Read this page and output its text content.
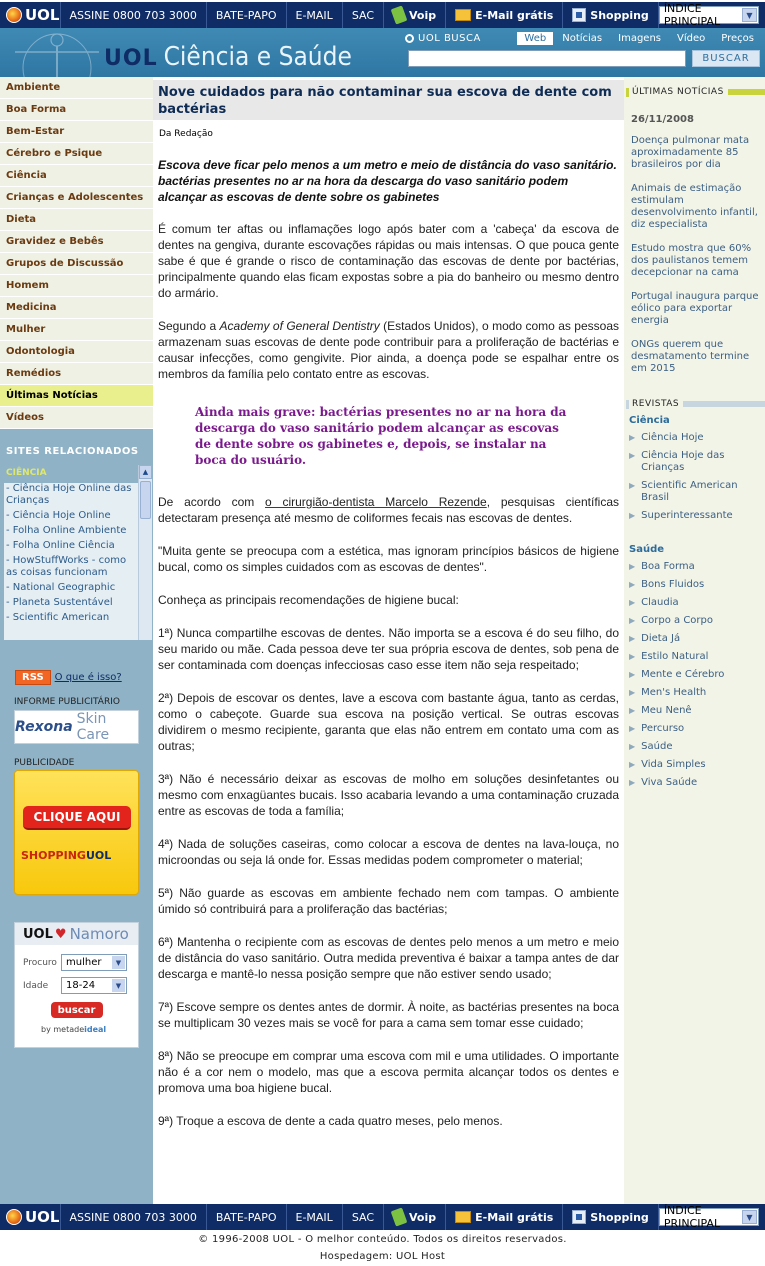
UOL ASSINE 0800 703 3000	BATE-PAPO	E-MAIL	SAC	Voip	E-Mail grátis	Shopping ÍNDICE PRINCIPAL	▼
UOL Ciência e Saúde
UOL BUSCA	Web	Notícias	Imagens	Vídeo	Preços
BUSCAR
Ambiente
Boa Forma
Bem-Estar
Cérebro e Psique
Ciência
Crianças e Adolescentes
Dieta
Gravidez e Bebês
Grupos de Discussão
Homem
Medicina
Mulher
Odontologia
Remédios
Últimas Notícias
Vídeos
SITES RELACIONADOS
CIÊNCIA
- Ciência Hoje Online das Crianças
- Ciência Hoje Online
- Folha Online Ambiente
- Folha Online Ciência
- HowStuffWorks - como as coisas funcionam
- National Geographic
- Planeta Sustentável
- Scientific American
▲
RSS	O que é isso?
INFORME PUBLICITÁRIO
Rexona Skin Care
PUBLICIDADE
CLIQUE AQUI
SHOPPINGUOL
UOL ♥ Namoro
Procuro mulher	▼
Idade	18-24	▼
buscar
by metadeideal
Nove cuidados para não contaminar sua escova de dente com bactérias
Da Redação
Escova deve ficar pelo menos a um metro e meio de distância do vaso sanitário. bactérias presentes no ar na hora da descarga do vaso sanitário podem alcançar as escovas de dente sobre os gabinetes

É comum ter aftas ou inflamações logo após bater com a 'cabeça' da escova de dentes na gengiva, durante escovações rápidas ou mais intensas. O que pouca gente sabe é que é grande o risco de contaminação das escovas de dente por bactérias, principalmente quando elas ficam expostas sobre a pia do banheiro ou mesmo dentro do armário.

Segundo a Academy of General Dentistry (Estados Unidos), o modo como as pessoas armazenam suas escovas de dente pode contribuir para a proliferação de bactérias e causar infecções, como gengivite. Pior ainda, a doença pode se espalhar entre os membros da família pelo contato entre as escovas.

Ainda mais grave: bactérias presentes no ar na hora da descarga do vaso sanitário podem alcançar as escovas de dente sobre os gabinetes e, depois, se instalar na boca do usuário.

De acordo com o cirurgião-dentista Marcelo Rezende, pesquisas científicas detectaram presença até mesmo de coliformes fecais nas escovas de dentes.

"Muita gente se preocupa com a estética, mas ignoram princípios básicos de higiene bucal, como os simples cuidados com as escovas de dentes".

Conheça as principais recomendações de higiene bucal:

1ª) Nunca compartilhe escovas de dentes. Não importa se a escova é do seu filho, do seu marido ou mãe. Cada pessoa deve ter sua própria escova de dentes, sob pena de ser contaminada com doenças infecciosas caso esse item não seja respeitado;

2ª) Depois de escovar os dentes, lave a escova com bastante água, tanto as cerdas, como o cabeçote. Guarde sua escova na posição vertical. Se outras escovas dividirem o mesmo recipiente, garanta que elas não entrem em contato uma com as outras;

3ª) Não é necessário deixar as escovas de molho em soluções desinfetantes ou mesmo com enxagüantes bucais. Isso acabaria levando a uma contaminação cruzada entre as escovas de toda a família;

4ª) Nada de soluções caseiras, como colocar a escova de dentes na lava-louça, no microondas ou seja lá onde for. Essas medidas podem comprometer o material;

5ª) Não guarde as escovas em ambiente fechado nem com tampas. O ambiente úmido só contribuirá para a proliferação das bactérias;

6ª) Mantenha o recipiente com as escovas de dentes pelo menos a um metro e meio de distância do vaso sanitário. Outra medida preventiva é baixar a tampa antes de dar descarga e mantê-lo nessa posição sempre que não estiver sendo usado;

7ª) Escove sempre os dentes antes de dormir. À noite, as bactérias presentes na boca se multiplicam 30 vezes mais se você for para a cama sem tomar esse cuidado;

8ª) Não se preocupe em comprar uma escova com mil e uma utilidades. O importante não é a cor nem o modelo, mas que a escova permita alcançar todos os dentes e promova uma boa higiene bucal.

9ª) Troque a escova de dente a cada quatro meses, pelo menos.

ÚLTIMAS NOTÍCIAS
26/11/2008
Doença pulmonar mata aproximadamente 85 brasileiros por dia
Animais de estimação estimulam desenvolvimento infantil, diz especialista
Estudo mostra que 60% dos paulistanos temem decepcionar na cama
Portugal inaugura parque eólico para exportar energia
ONGs querem que desmatamento termine em 2015
REVISTAS
Ciência
▶ Ciência Hoje
▶ Ciência Hoje das Crianças
▶ Scientific American Brasil
▶ Superinteressante
Saúde
▶ Boa Forma
▶ Bons Fluidos
▶ Claudia
▶ Corpo a Corpo
▶ Dieta Já
▶ Estilo Natural
▶ Mente e Cérebro
▶ Men's Health
▶ Meu Nenê
▶ Percurso
▶ Saúde
▶ Vida Simples
▶ Viva Saúde
UOL ASSINE 0800 703 3000	BATE-PAPO	E-MAIL	SAC	Voip	E-Mail grátis	Shopping ÍNDICE PRINCIPAL	▼
© 1996-2008 UOL - O melhor conteúdo. Todos os direitos reservados.
Hospedagem: UOL Host
